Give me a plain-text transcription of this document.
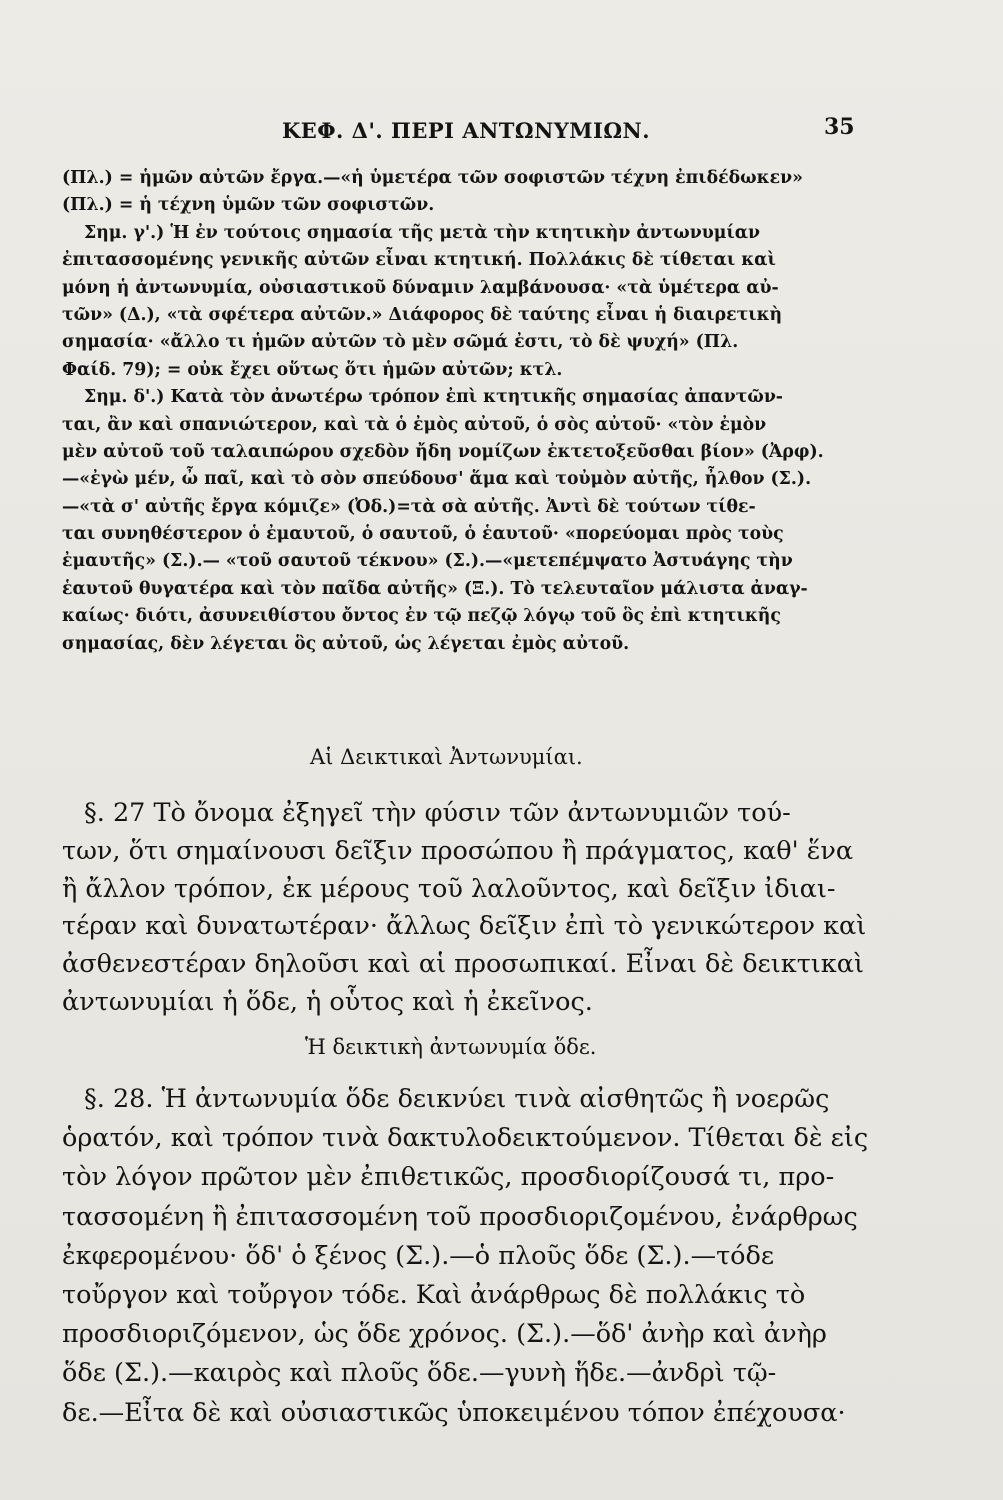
ΚΕΦ. Δ'. ΠΕΡΙ ΑΝΤΩΝΥΜΙΩΝ.	35
(Πλ.) = ἡμῶν αὐτῶν ἔργα.—«ἡ ὑμετέρα τῶν σοφιστῶν τέχνη ἐπιδέδωκεν»
(Πλ.) = ἡ τέχνη ὑμῶν τῶν σοφιστῶν.
Σημ. γ'.) Ἡ ἐν τούτοις σημασία τῆς μετὰ τὴν κτητικὴν ἀντωνυμίαν
ἐπιτασσομένης γενικῆς αὐτῶν εἶναι κτητική. Πολλάκις δὲ τίθεται καὶ
μόνη ἡ ἀντωνυμία, οὐσιαστικοῦ δύναμιν λαμβάνουσα· «τὰ ὑμέτερα αὐ-
τῶν» (Δ.), «τὰ σφέτερα αὐτῶν.» Διάφορος δὲ ταύτης εἶναι ἡ διαιρετικὴ
σημασία· «ἄλλο τι ἡμῶν αὐτῶν τὸ μὲν σῶμά ἐστι, τὸ δὲ ψυχή» (Πλ.
Φαίδ. 79); = οὐκ ἔχει οὕτως ὅτι ἡμῶν αὐτῶν; κτλ.
Σημ. δ'.) Κατὰ τὸν ἀνωτέρω τρόπον ἐπὶ κτητικῆς σημασίας ἀπαντῶν-
ται, ἂν καὶ σπανιώτερον, καὶ τὰ ὁ ἐμὸς αὐτοῦ, ὁ σὸς αὐτοῦ· «τὸν ἐμὸν
μὲν αὐτοῦ τοῦ ταλαιπώρου σχεδὸν ἤδη νομίζων ἐκτετοξεῦσθαι βίον» (Ἀρφ).
—«ἐγὼ μέν, ὦ παῖ, καὶ τὸ σὸν σπεύδουσ' ἅμα καὶ τοὐμὸν αὐτῆς, ἦλθον (Σ.).
—«τὰ σ' αὐτῆς ἔργα κόμιζε» (Ὀδ.)=τὰ σὰ αὐτῆς. Ἀντὶ δὲ τούτων τίθε-
ται συνηθέστερον ὁ ἐμαυτοῦ, ὁ σαυτοῦ, ὁ ἑαυτοῦ· «πορεύομαι πρὸς τοὺς
ἐμαυτῆς» (Σ.).— «τοῦ σαυτοῦ τέκνου» (Σ.).—«μετεπέμψατο Ἀστυάγης τὴν
ἑαυτοῦ θυγατέρα καὶ τὸν παῖδα αὐτῆς» (Ξ.). Τὸ τελευταῖον μάλιστα ἀναγ-
καίως· διότι, ἀσυνειθίστου ὄντος ἐν τῷ πεζῷ λόγῳ τοῦ ὃς ἐπὶ κτητικῆς
σημασίας, δὲν λέγεται ὃς αὐτοῦ, ὡς λέγεται ἐμὸς αὐτοῦ.
Αἱ Δεικτικαὶ Ἀντωνυμίαι.
§. 27 Τὸ ὄνομα ἐξηγεῖ τὴν φύσιν τῶν ἀντωνυμιῶν τού-
των, ὅτι σημαίνουσι δεῖξιν προσώπου ἢ πράγματος, καθ' ἕνα
ἢ ἄλλον τρόπον, ἐκ μέρους τοῦ λαλοῦντος, καὶ δεῖξιν ἰδιαι-
τέραν καὶ δυνατωτέραν· ἄλλως δεῖξιν ἐπὶ τὸ γενικώτερον καὶ
ἀσθενεστέραν δηλοῦσι καὶ αἱ προσωπικαί. Εἶναι δὲ δεικτικαὶ
ἀντωνυμίαι ἡ ὅδε, ἡ οὗτος καὶ ἡ ἐκεῖνος.
Ἡ δεικτικὴ ἀντωνυμία ὅδε.
§. 28. Ἡ ἀντωνυμία ὅδε δεικνύει τινὰ αἰσθητῶς ἢ νοερῶς
ὁρατόν, καὶ τρόπον τινὰ δακτυλοδεικτούμενον. Τίθεται δὲ εἰς
τὸν λόγον πρῶτον μὲν ἐπιθετικῶς, προσδιορίζουσά τι, προ-
τασσομένη ἢ ἐπιτασσομένη τοῦ προσδιοριζομένου, ἐνάρθρως
ἐκφερομένου· ὅδ' ὁ ξένος (Σ.).—ὁ πλοῦς ὅδε (Σ.).—τόδε
τοὔργον καὶ τοὔργον τόδε. Καὶ ἀνάρθρως δὲ πολλάκις τὸ
προσδιοριζόμενον, ὡς ὅδε χρόνος. (Σ.).—ὅδ' ἀνὴρ καὶ ἀνὴρ
ὅδε (Σ.).—καιρὸς καὶ πλοῦς ὅδε.—γυνὴ ἥδε.—ἀνδρὶ τῷ-
δε.—Εἶτα δὲ καὶ οὐσιαστικῶς ὑποκειμένου τόπον ἐπέχουσα·
